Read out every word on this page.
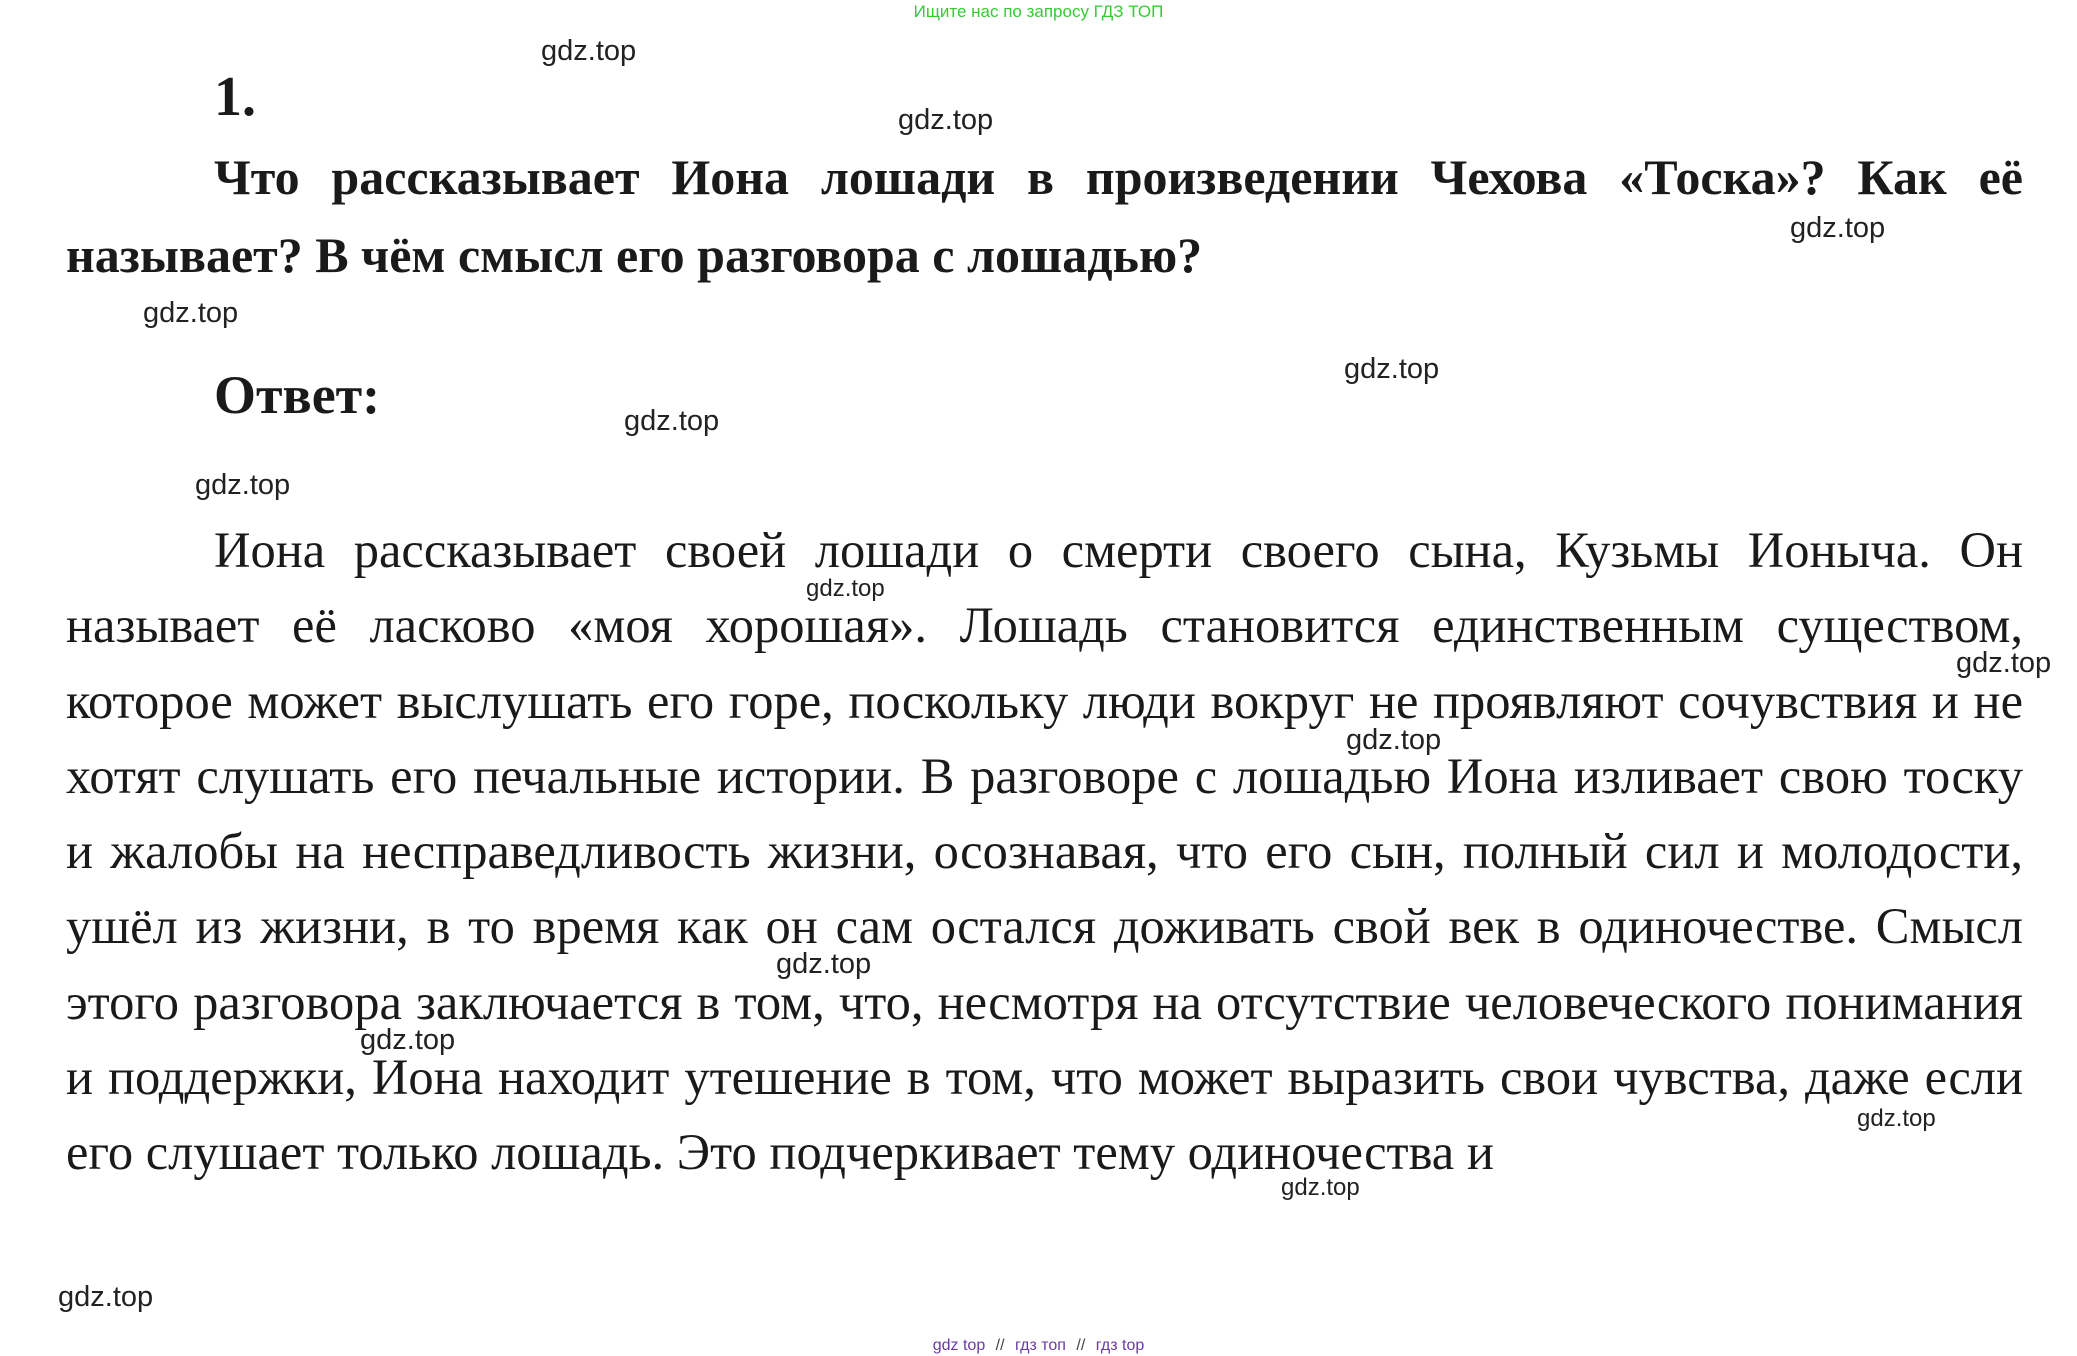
Ищите нас по запросу ГДЗ ТОП
1.

Что рассказывает Иона лошади в произведении Чехова «Тоска»? Как её называет? В чём смысл его разговора с лошадью?

Ответ:

Иона рассказывает своей лошади о смерти своего сына, Кузьмы Ионыча. Он называет её ласково «моя хорошая». Лошадь становится единственным существом, которое может выслушать его горе, поскольку люди вокруг не проявляют сочувствия и не хотят слушать его печальные истории. В разговоре с лошадью Иона изливает свою тоску и жалобы на несправедливость жизни, осознавая, что его сын, полный сил и молодости, ушёл из жизни, в то время как он сам остался доживать свой век в одиночестве. Смысл этого разговора заключается в том, что, несмотря на отсутствие человеческого понимания и поддержки, Иона находит утешение в том, что может выразить свои чувства, даже если его слушает только лошадь. Это подчеркивает тему одиночества и

gdz.top
gdz.top
gdz.top
gdz.top
gdz.top
gdz.top
gdz.top
gdz.top
gdz.top
gdz.top
gdz.top
gdz.top
gdz.top
gdz.top
gdz.top
gdz top // гдз топ // гдз top
